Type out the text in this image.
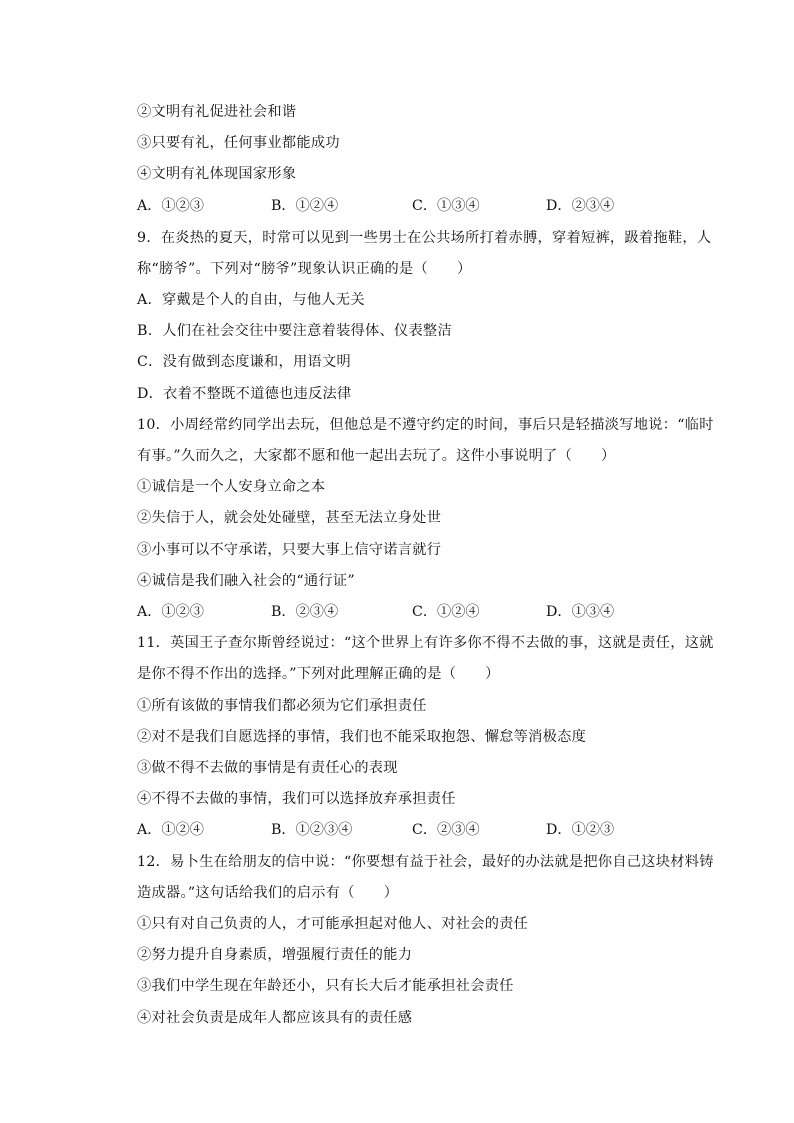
②文明有礼促进社会和谐
③只要有礼，任何事业都能成功
④文明有礼体现国家形象
A．①②③	B．①②④	C．①③④	D．②③④
9．在炎热的夏天，时常可以见到一些男士在公共场所打着赤膊，穿着短裤，趿着拖鞋，人
称“膀爷”。下列对“膀爷”现象认识正确的是（　　）
A．穿戴是个人的自由，与他人无关
B．人们在社会交往中要注意着装得体、仪表整洁
C．没有做到态度谦和，用语文明
D．衣着不整既不道德也违反法律
10．小周经常约同学出去玩，但他总是不遵守约定的时间，事后只是轻描淡写地说：“临时
有事。”久而久之，大家都不愿和他一起出去玩了。这件小事说明了（　　）
①诚信是一个人安身立命之本
②失信于人，就会处处碰壁，甚至无法立身处世
③小事可以不守承诺，只要大事上信守诺言就行
④诚信是我们融入社会的“通行证”
A．①②③	B．②③④	C．①②④	D．①③④
11．英国王子查尔斯曾经说过：“这个世界上有许多你不得不去做的事，这就是责任，这就
是你不得不作出的选择。”下列对此理解正确的是（　　）
①所有该做的事情我们都必须为它们承担责任
②对不是我们自愿选择的事情，我们也不能采取抱怨、懈怠等消极态度
③做不得不去做的事情是有责任心的表现
④不得不去做的事情，我们可以选择放弃承担责任
A．①②④	B．①②③④	C．②③④	D．①②③
12．易卜生在给朋友的信中说：“你要想有益于社会，最好的办法就是把你自己这块材料铸
造成器。”这句话给我们的启示有（　　）
①只有对自己负责的人，才可能承担起对他人、对社会的责任
②努力提升自身素质，增强履行责任的能力
③我们中学生现在年龄还小，只有长大后才能承担社会责任
④对社会负责是成年人都应该具有的责任感
